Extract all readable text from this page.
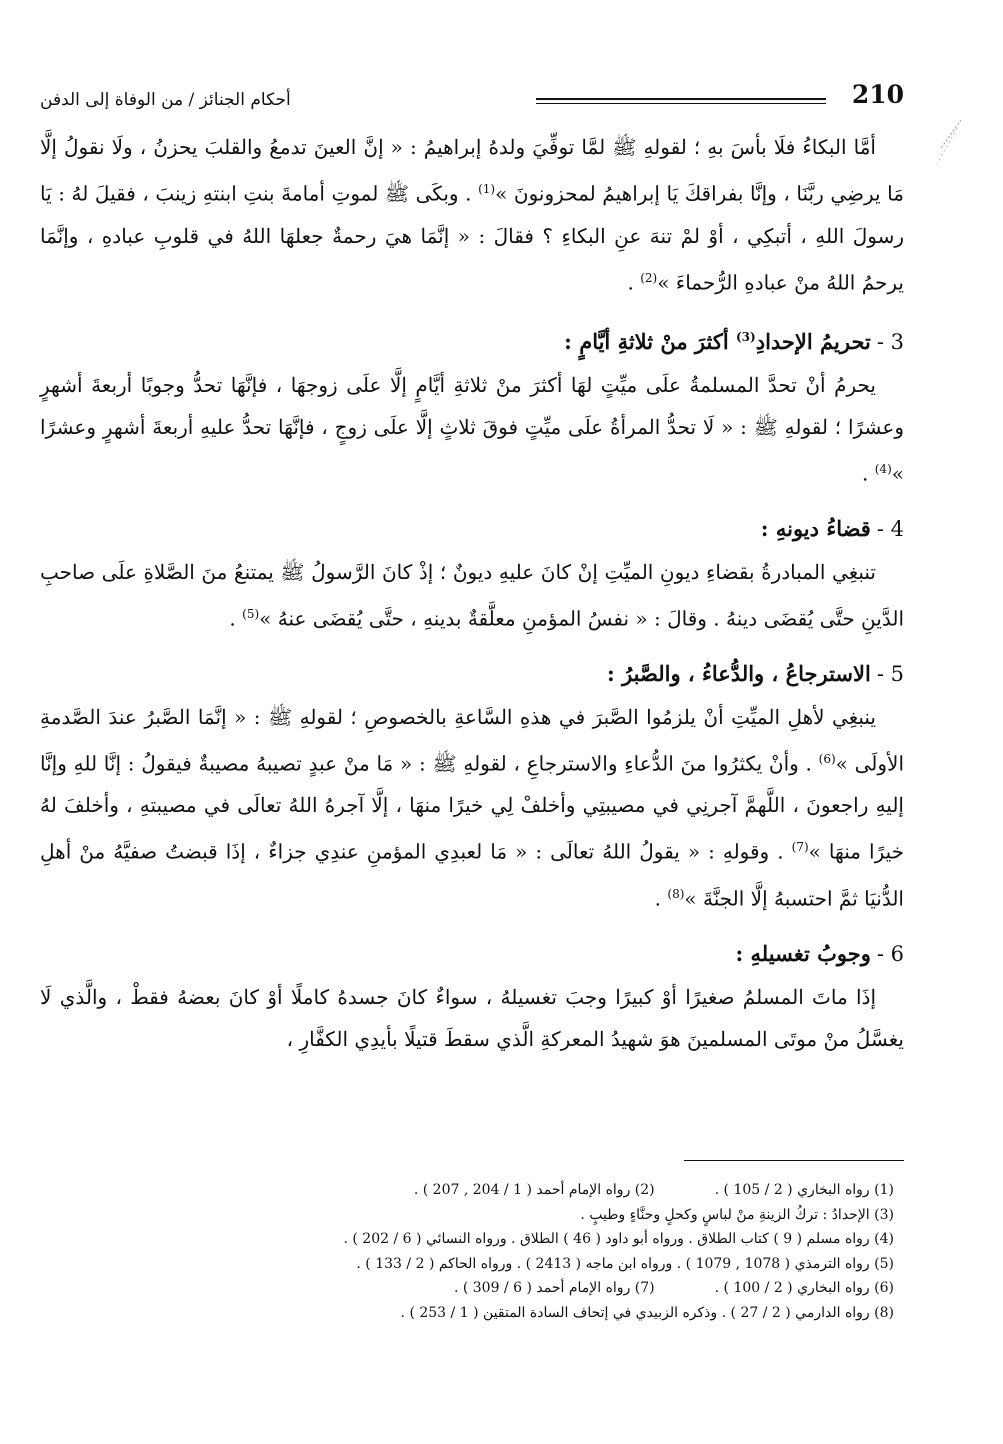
210
أحكام الجنائز / من الوفاة إلى الدفن

أمَّا البكاءُ فلَا بأسَ بهِ ؛ لقولهِ ﷺ لمَّا توفِّيَ ولدهُ إبراهيمُ : « إنَّ العينَ تدمعُ والقلبَ يحزنُ ، ولَا نقولُ إلَّا مَا يرضِي ربَّنَا ، وإنَّا بفراقكَ يَا إبراهيمُ لمحزونونَ »$^{(1)}$ . وبكَى ﷺ لموتِ أمامةَ بنتِ ابنتهِ زينبَ ، فقيلَ لهُ : يَا رسولَ اللهِ ، أتبكِي ، أوْ لمْ تنهَ عنِ البكاءِ ؟ فقالَ : « إنَّمَا هيَ رحمةٌ جعلهَا اللهُ في قلوبِ عبادهِ ، وإنَّمَا يرحمُ اللهُ منْ عبادهِ الرُّحماءَ »$^{(2)}$ .

3 -تحريمُ الإحدادِ$^{(3)}$ أكثرَ منْ ثلاثةِ أيَّامٍ :

يحرمُ أنْ تحدَّ المسلمةُ علَى ميِّتٍ لهَا أكثرَ منْ ثلاثةِ أيَّامٍ إلَّا علَى زوجهَا ، فإنَّهَا تحدُّ وجوبًا أربعةَ أشهرٍ وعشرًا ؛ لقولهِ ﷺ : « لَا تحدُّ المرأةُ علَى ميِّتٍ فوقَ ثلاثٍ إلَّا علَى زوجٍ ، فإنَّهَا تحدُّ عليهِ أربعةَ أشهرٍ وعشرًا »$^{(4)}$ .

4 -قضاءُ ديونهِ :

تنبغِي المبادرةُ بقضاءِ ديونِ الميِّتِ إنْ كانَ عليهِ ديونٌ ؛ إذْ كانَ الرَّسولُ ﷺ يمتنعُ منَ الصَّلاةِ علَى صاحبِ الدَّينِ حتَّى يُقضَى دينهُ . وقالَ : « نفسُ المؤمنِ معلَّقةٌ بدينهِ ، حتَّى يُقضَى عنهُ »$^{(5)}$ .

5 -الاسترجاعُ ، والدُّعاءُ ، والصَّبرُ :

ينبغِي لأهلِ الميِّتِ أنْ يلزمُوا الصَّبرَ في هذهِ السَّاعةِ بالخصوصِ ؛ لقولهِ ﷺ : « إنَّمَا الصَّبرُ عندَ الصَّدمةِ الأولَى »$^{(6)}$ . وأنْ يكثرُوا منَ الدُّعاءِ والاسترجاعِ ، لقولهِ ﷺ : « مَا منْ عبدٍ تصيبهُ مصيبةٌ فيقولُ : إنَّا للهِ وإنَّا إليهِ راجعونَ ، اللَّهمَّ آجرنِي في مصيبتِي وأخلفْ لِي خيرًا منهَا ، إلَّا آجرهُ اللهُ تعالَى في مصيبتهِ ، وأخلفَ لهُ خيرًا منهَا »$^{(7)}$ . وقولهِ : « يقولُ اللهُ تعالَى : « مَا لعبدِي المؤمنِ عندِي جزاءٌ ، إذَا قبضتُ صفيَّهُ منْ أهلِ الدُّنيَا ثمَّ احتسبهُ إلَّا الجنَّةَ »$^{(8)}$ .

6 -وجوبُ تغسيلهِ :

إذَا ماتَ المسلمُ صغيرًا أوْ كبيرًا وجبَ تغسيلهُ ، سواءٌ كانَ جسدهُ كاملًا أوْ كانَ بعضهُ فقطْ ، والَّذي لَا يغسَّلُ منْ موتَى المسلمينَ هوَ شهيدُ المعركةِ الَّذي سقطَ قتيلًا بأيدِي الكفَّارِ ،

(1) رواه البخاري ( 2 / 105 ) .(2) رواه الإمام أحمد ( 1 / 204 , 207 ) .
(3) الإحدادُ : تركُ الزينةِ منْ لباسٍ وكحلٍ وحنَّاءٍ وطيبٍ .
(4) رواه مسلم ( 9 ) كتاب الطلاق . ورواه أبو داود ( 46 ) الطلاق . ورواه النسائي ( 6 / 202 ) .
(5) رواه الترمذي ( 1078 , 1079 ) . ورواه ابن ماجه ( 2413 ) . ورواه الحاكم ( 2 / 133 ) .
(6) رواه البخاري ( 2 / 100 ) .(7) رواه الإمام أحمد ( 6 / 309 ) .
(8) رواه الدارمي ( 2 / 27 ) . وذكره الزبيدي في إتحاف السادة المتقين ( 1 / 253 ) .
